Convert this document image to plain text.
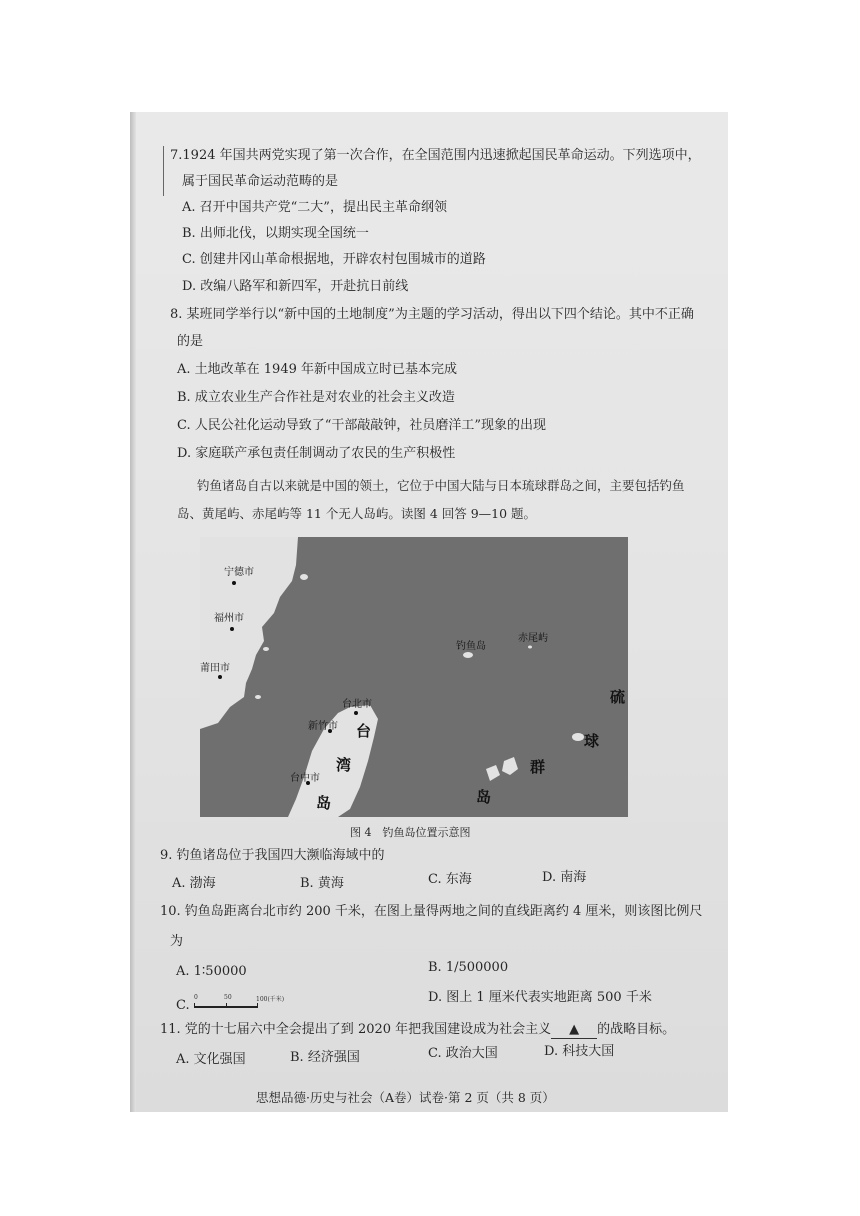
7.1924 年国共两党实现了第一次合作，在全国范围内迅速掀起国民革命运动。下列选项中，
属于国民革命运动范畴的是
A. 召开中国共产党“二大”，提出民主革命纲领
B. 出师北伐，以期实现全国统一
C. 创建井冈山革命根据地，开辟农村包围城市的道路
D. 改编八路军和新四军，开赴抗日前线
8. 某班同学举行以“新中国的土地制度”为主题的学习活动，得出以下四个结论。其中不正确
的是
A. 土地改革在 1949 年新中国成立时已基本完成
B. 成立农业生产合作社是对农业的社会主义改造
C. 人民公社化运动导致了“干部敲敲钟，社员磨洋工”现象的出现
D. 家庭联产承包责任制调动了农民的生产积极性
钓鱼诸岛自古以来就是中国的领土，它位于中国大陆与日本琉球群岛之间，主要包括钓鱼
岛、黄尾屿、赤尾屿等 11 个无人岛屿。读图 4 回答 9—10 题。
宁德市
福州市
莆田市
台北市
新竹市
台中市
钓鱼岛
赤尾屿
台
湾
岛
硫
球
群
岛
图 4　钓鱼岛位置示意图
9. 钓鱼诸岛位于我国四大濒临海域中的
A. 渤海	B. 黄海	C. 东海	D. 南海
10. 钓鱼岛距离台北市约 200 千米，在图上量得两地之间的直线距离约 4 厘米，则该图比例尺
为
A. 1∶50000	B. 1/500000
C.
0	50	100(千米)	D. 图上 1 厘米代表实地距离 500 千米
11. 党的十七届六中全会提出了到 2020 年把我国建设成为社会主义 ▲ 的战略目标。
A. 文化强国	B. 经济强国	C. 政治大国	D. 科技大国
思想品德·历史与社会（A卷）试卷·第 2 页（共 8 页）
